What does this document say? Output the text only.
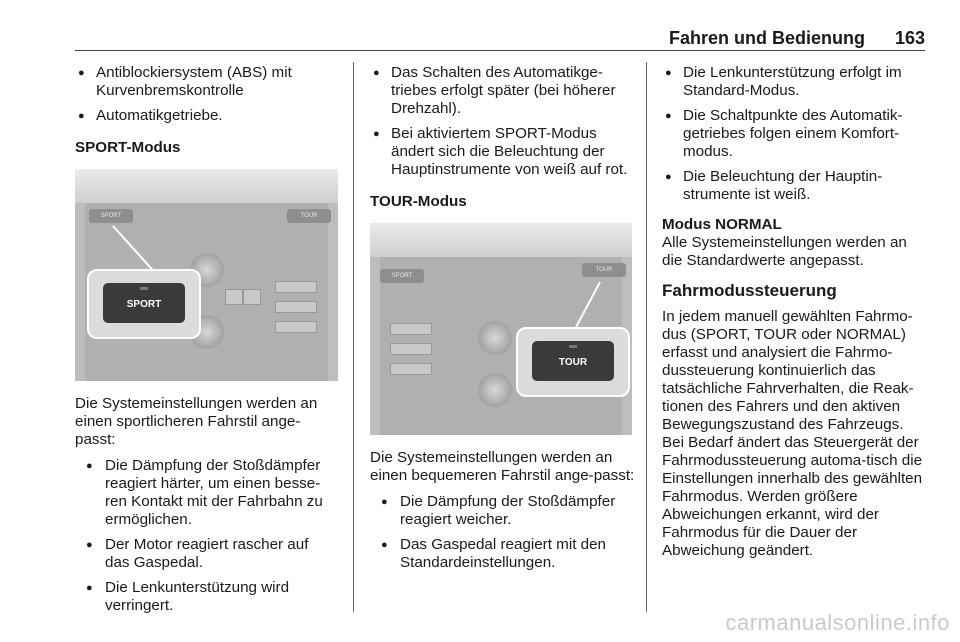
Fahren und Bedienung 163
● Antiblockiersystem (ABS) mit Kurvenbremskontrolle
● Automatikgetriebe.
SPORT-Modus
SPORT	TOUR
SPORT

Die Systemeinstellungen werden an einen sportlicheren Fahrstil ange-passt:

● Die Dämpfung der Stoßdämpfer reagiert härter, um einen besse-ren Kontakt mit der Fahrbahn zu ermöglichen.
● Der Motor reagiert rascher auf das Gaspedal.
● Die Lenkunterstützung wird verringert.
● Das Schalten des Automatikge-triebes erfolgt später (bei höherer Drehzahl).
● Bei aktiviertem SPORT-Modus ändert sich die Beleuchtung der Hauptinstrumente von weiß auf rot.
TOUR-Modus
SPORT
TOUR
TOUR

Die Systemeinstellungen werden an einen bequemeren Fahrstil ange-passt:

● Die Dämpfung der Stoßdämpfer reagiert weicher.
● Das Gaspedal reagiert mit den Standardeinstellungen.
● Die Lenkunterstützung erfolgt im Standard-Modus.
● Die Schaltpunkte des Automatik-getriebes folgen einem Komfort-modus.
● Die Beleuchtung der Hauptin-strumente ist weiß.
Modus NORMAL

Alle Systemeinstellungen werden an die Standardwerte angepasst.

Fahrmodussteuerung

In jedem manuell gewählten Fahrmo-dus (SPORT, TOUR oder NORMAL) erfasst und analysiert die Fahrmo-dussteuerung kontinuierlich das tatsächliche Fahrverhalten, die Reak-tionen des Fahrers und den aktiven Bewegungszustand des Fahrzeugs. Bei Bedarf ändert das Steuergerät der Fahrmodussteuerung automa-tisch die Einstellungen innerhalb des gewählten Fahrmodus. Werden größere Abweichungen erkannt, wird der Fahrmodus für die Dauer der Abweichung geändert.

carmanualsonline.info
